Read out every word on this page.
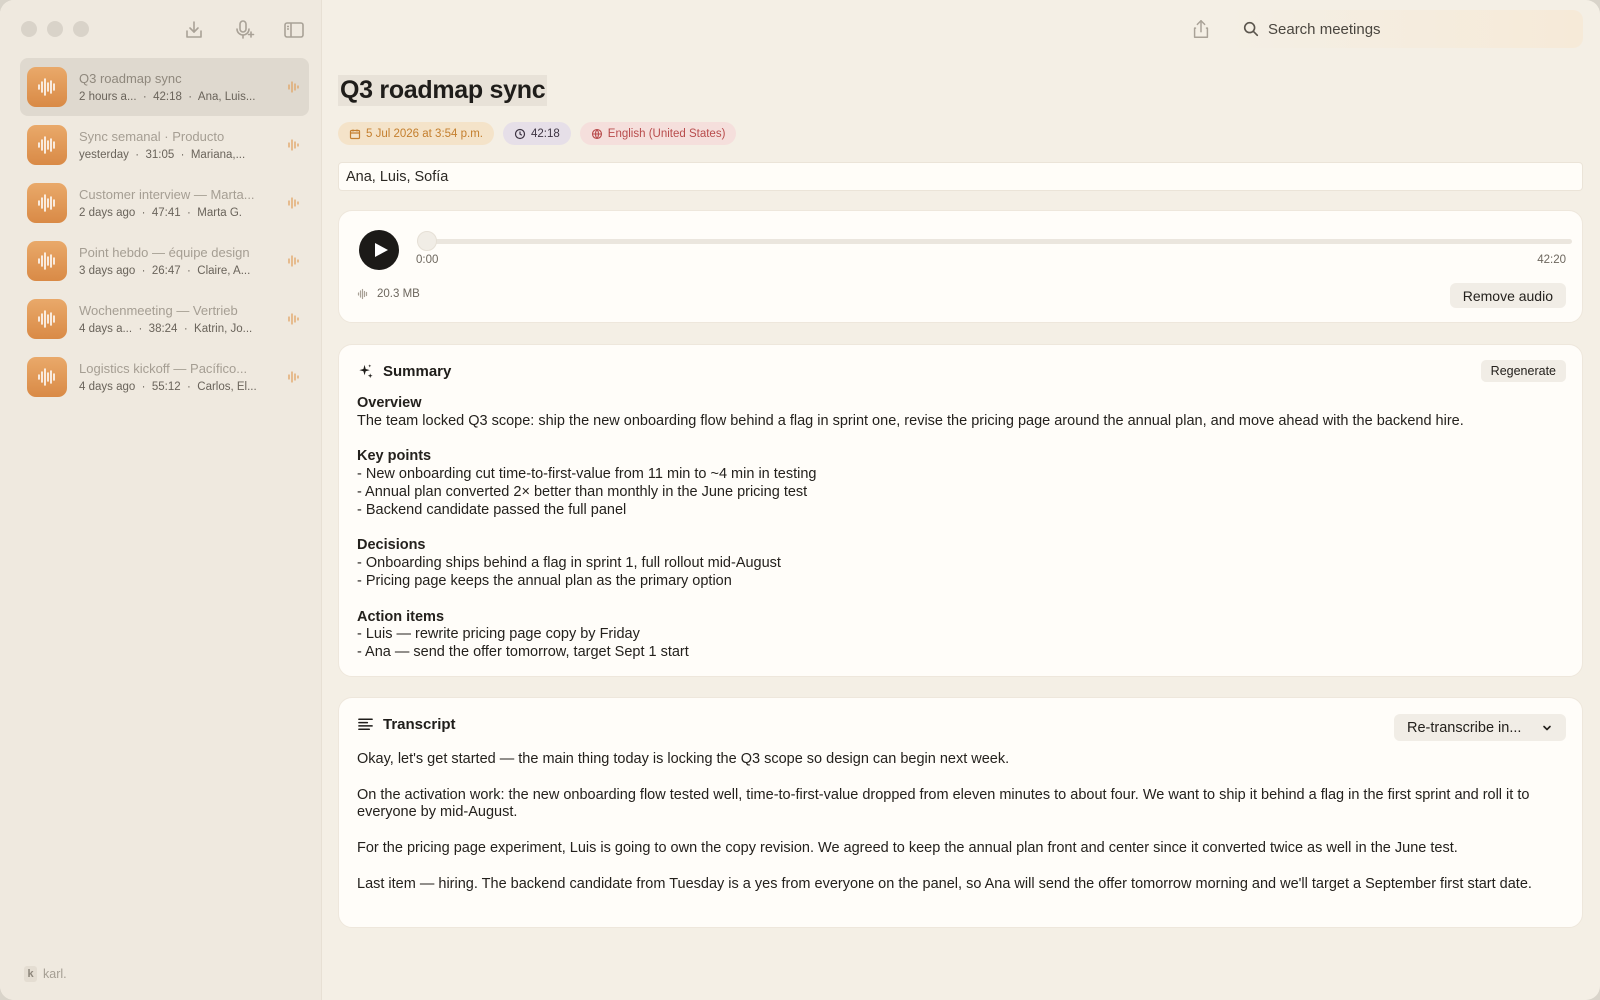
Q3 roadmap sync
2 hours a...  ·  42:18  ·  Ana, Luis...
Sync semanal · Producto
yesterday  ·  31:05  ·  Mariana,...
Customer interview — Marta...
2 days ago  ·  47:41  ·  Marta G.
Point hebdo — équipe design
3 days ago  ·  26:47  ·  Claire, A...
Wochenmeeting — Vertrieb
4 days a...  ·  38:24  ·  Katrin, Jo...
Logistics kickoff — Pacífico...
4 days ago  ·  55:12  ·  Carlos, El...
k karl.
Search meetings
Q3 roadmap sync
5 Jul 2026 at 3:54 p.m.	42:18	English (United States)
Ana, Luis, Sofía
0:00	42:20
20.3 MB	Remove audio
Summary	Regenerate
Overview
The team locked Q3 scope: ship the new onboarding flow behind a flag in sprint one, revise the pricing page around the annual plan, and move ahead with the backend hire.
Key points
- New onboarding cut time-to-first-value from 11 min to ~4 min in testing
- Annual plan converted 2× better than monthly in the June pricing test
- Backend candidate passed the full panel
Decisions
- Onboarding ships behind a flag in sprint 1, full rollout mid-August
- Pricing page keeps the annual plan as the primary option
Action items
- Luis — rewrite pricing page copy by Friday
- Ana — send the offer tomorrow, target Sept 1 start
Transcript	Re-transcribe in...

Okay, let's get started — the main thing today is locking the Q3 scope so design can begin next week.

On the activation work: the new onboarding flow tested well, time-to-first-value dropped from eleven minutes to about four. We want to ship it behind a flag in the first sprint and roll it to everyone by mid-August.

For the pricing page experiment, Luis is going to own the copy revision. We agreed to keep the annual plan front and center since it converted twice as well in the June test.

Last item — hiring. The backend candidate from Tuesday is a yes from everyone on the panel, so Ana will send the offer tomorrow morning and we'll target a September first start date.
